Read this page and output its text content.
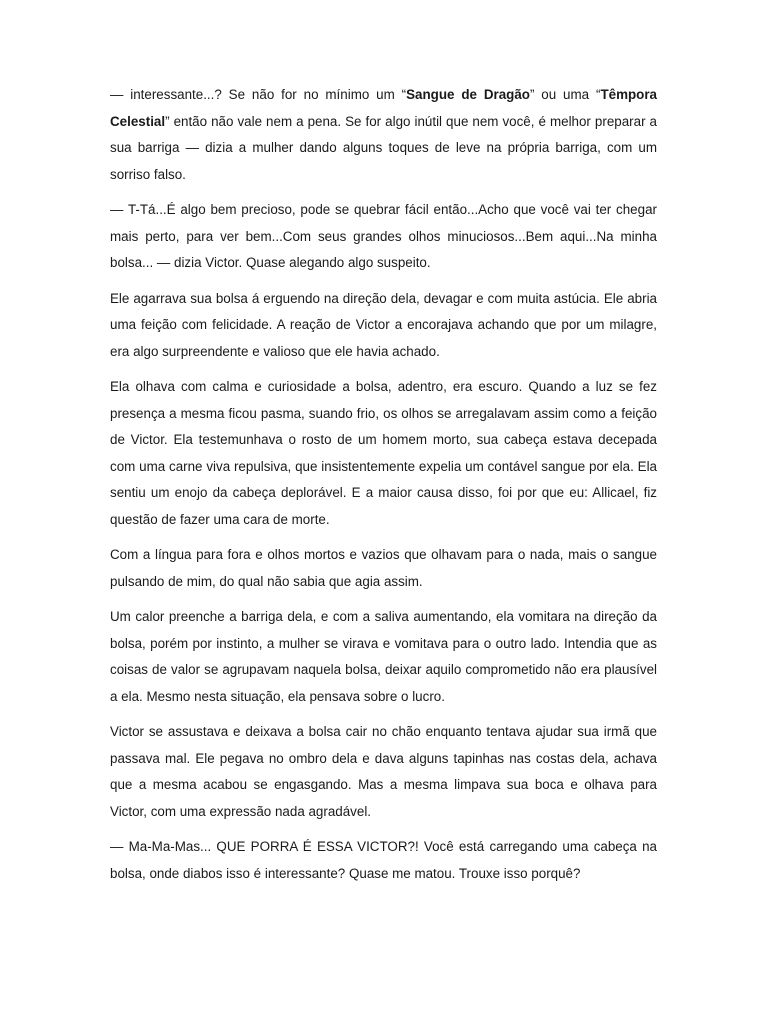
— interessante...? Se não for no mínimo um “Sangue de Dragão” ou uma “Têmpora Celestial” então não vale nem a pena. Se for algo inútil que nem você, é melhor preparar a sua barriga — dizia a mulher dando alguns toques de leve na própria barriga, com um sorriso falso.

— T-Tá...É algo bem precioso, pode se quebrar fácil então...Acho que você vai ter chegar mais perto, para ver bem...Com seus grandes olhos minuciosos...Bem aqui...Na minha bolsa... — dizia Victor. Quase alegando algo suspeito.

Ele agarrava sua bolsa á erguendo na direção dela, devagar e com muita astúcia. Ele abria uma feição com felicidade. A reação de Victor a encorajava achando que por um milagre, era algo surpreendente e valioso que ele havia achado.

Ela olhava com calma e curiosidade a bolsa, adentro, era escuro. Quando a luz se fez presença a mesma ficou pasma, suando frio, os olhos se arregalavam assim como a feição de Victor. Ela testemunhava o rosto de um homem morto, sua cabeça estava decepada com uma carne viva repulsiva, que insistentemente expelia um contável sangue por ela. Ela sentiu um enojo da cabeça deplorável. E a maior causa disso, foi por que eu: Allicael, fiz questão de fazer uma cara de morte.

Com a língua para fora e olhos mortos e vazios que olhavam para o nada, mais o sangue pulsando de mim, do qual não sabia que agia assim.

Um calor preenche a barriga dela, e com a saliva aumentando, ela vomitara na direção da bolsa, porém por instinto, a mulher se virava e vomitava para o outro lado. Intendia que as coisas de valor se agrupavam naquela bolsa, deixar aquilo comprometido não era plausível a ela. Mesmo nesta situação, ela pensava sobre o lucro.

Victor se assustava e deixava a bolsa cair no chão enquanto tentava ajudar sua irmã que passava mal. Ele pegava no ombro dela e dava alguns tapinhas nas costas dela, achava que a mesma acabou se engasgando. Mas a mesma limpava sua boca e olhava para Victor, com uma expressão nada agradável.

— Ma-Ma-Mas... QUE PORRA É ESSA VICTOR?! Você está carregando uma cabeça na bolsa, onde diabos isso é interessante? Quase me matou. Trouxe isso porquê?
